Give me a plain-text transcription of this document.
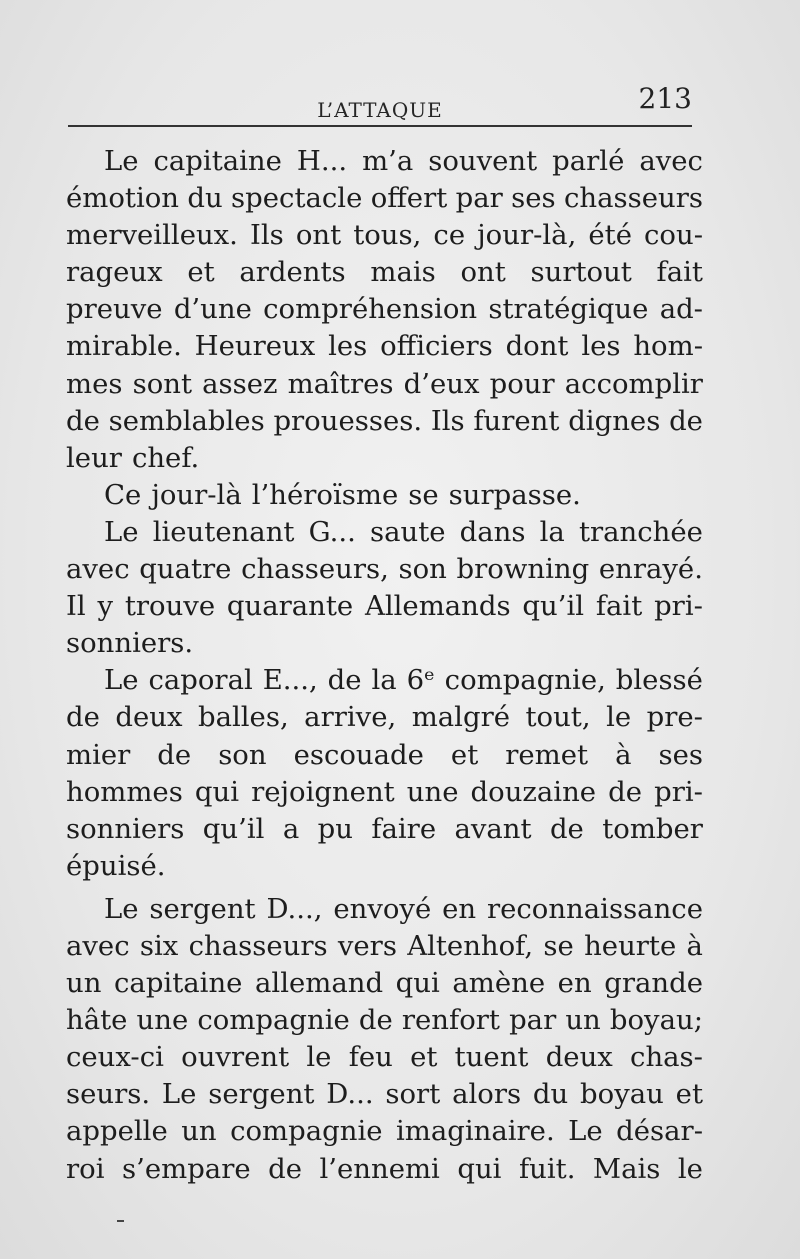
L’ATTAQUE	213
Le capitaine H... m’a souvent parlé avec
émotion du spectacle offert par ses chasseurs
merveilleux. Ils ont tous, ce jour-là, été cou-
rageux et ardents mais ont surtout fait
preuve d’une compréhension stratégique ad-
mirable. Heureux les officiers dont les hom-
mes sont assez maîtres d’eux pour accomplir
de semblables prouesses. Ils furent dignes de
leur chef.
Ce jour-là l’héroïsme se surpasse.
Le lieutenant G... saute dans la tranchée
avec quatre chasseurs, son browning enrayé.
Il y trouve quarante Allemands qu’il fait pri-
sonniers.
Le caporal E..., de la 6ᵉ compagnie, blessé
de deux balles, arrive, malgré tout, le pre-
mier de son escouade et remet à ses
hommes qui rejoignent une douzaine de pri-
sonniers qu’il a pu faire avant de tomber
épuisé.
Le sergent D..., envoyé en reconnaissance
avec six chasseurs vers Altenhof, se heurte à
un capitaine allemand qui amène en grande
hâte une compagnie de renfort par un boyau;
ceux-ci ouvrent le feu et tuent deux chas-
seurs. Le sergent D... sort alors du boyau et
appelle un compagnie imaginaire. Le désar-
roi s’empare de l’ennemi qui fuit. Mais le
